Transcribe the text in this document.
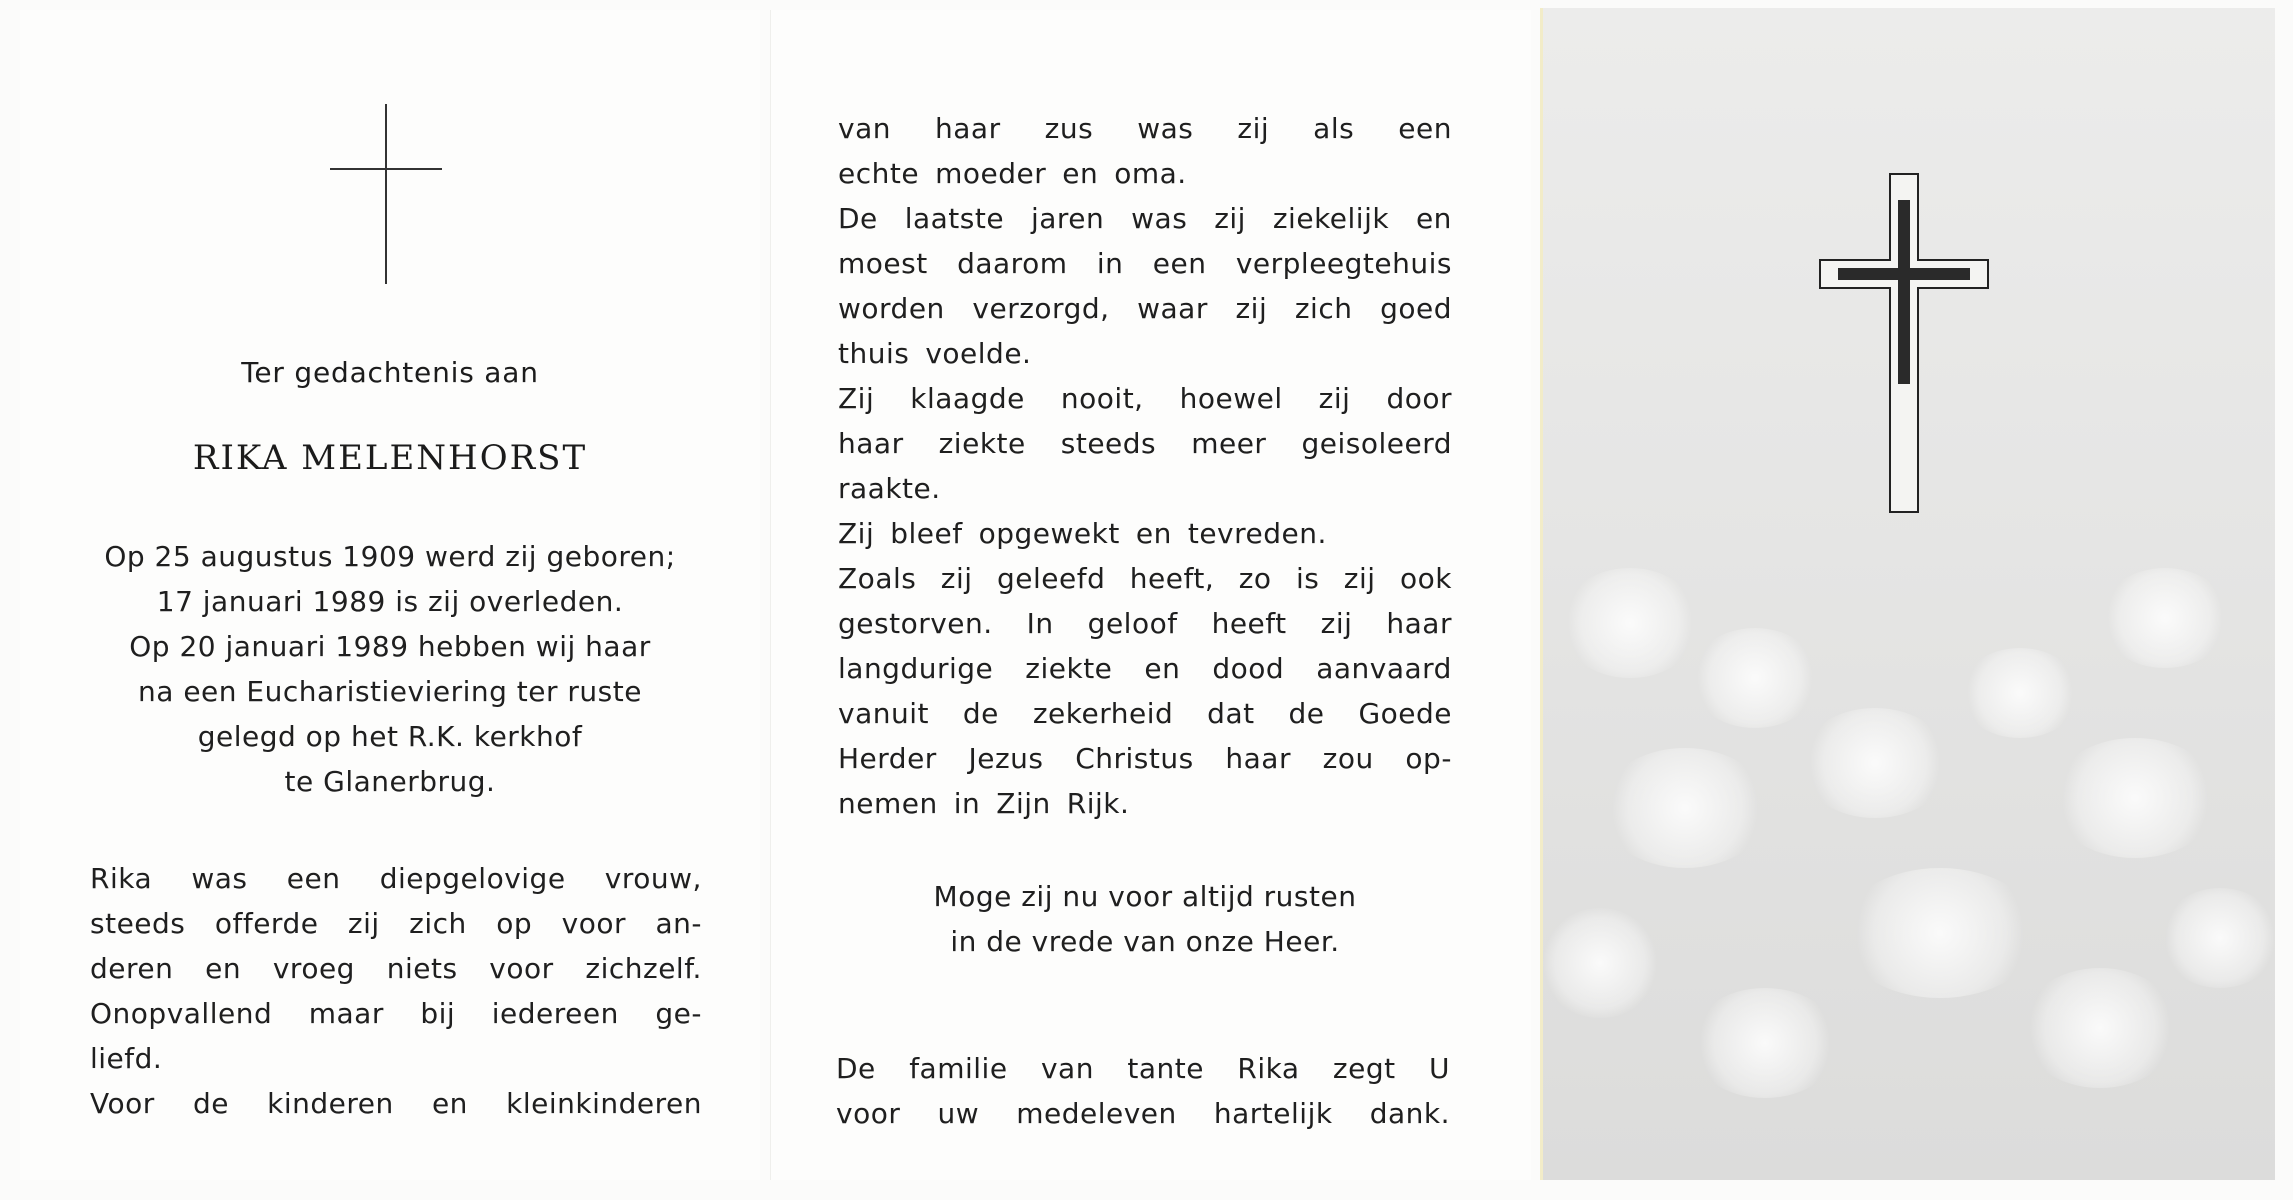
Ter gedachtenis aan
RIKA MELENHORST
Op 25 augustus 1909 werd zij geboren;
17 januari 1989 is zij overleden.
Op 20 januari 1989 hebben wij haar
na een Eucharistieviering ter ruste
gelegd op het R.K. kerkhof
te Glanerbrug.
Rika was een diepgelovige vrouw,
steeds offerde zij zich op voor an-
deren en vroeg niets voor zichzelf.
Onopvallend maar bij iedereen ge-
liefd.
Voor de kinderen en kleinkinderen
van haar zus was zij als een
echte moeder en oma.
De laatste jaren was zij ziekelijk en
moest daarom in een verpleegtehuis
worden verzorgd, waar zij zich goed
thuis voelde.
Zij klaagde nooit, hoewel zij door
haar ziekte steeds meer geisoleerd
raakte.
Zij bleef opgewekt en tevreden.
Zoals zij geleefd heeft, zo is zij ook
gestorven. In geloof heeft zij haar
langdurige ziekte en dood aanvaard
vanuit de zekerheid dat de Goede
Herder Jezus Christus haar zou op-
nemen in Zijn Rijk.
Moge zij nu voor altijd rusten
in de vrede van onze Heer.
De familie van tante Rika zegt U
voor uw medeleven hartelijk dank.
